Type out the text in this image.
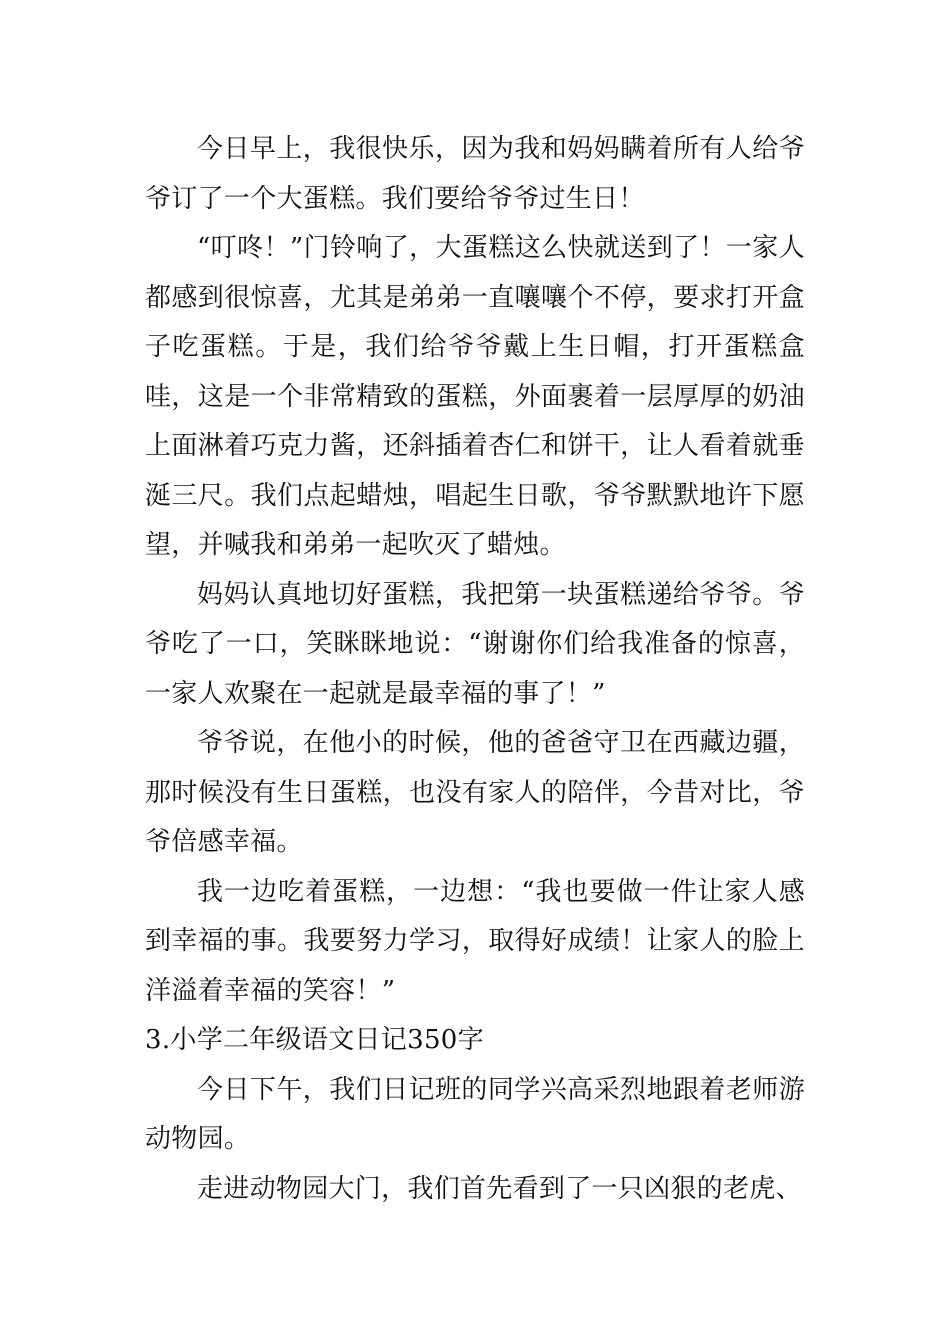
今日早上，我很快乐，因为我和妈妈瞒着所有人给爷爷订了一个大蛋糕。我们要给爷爷过生日！

“叮咚！”门铃响了，大蛋糕这么快就送到了！一家人都感到很惊喜，尤其是弟弟一直嚷嚷个不停，要求打开盒子吃蛋糕。于是，我们给爷爷戴上生日帽，打开蛋糕盒哇，这是一个非常精致的蛋糕，外面裹着一层厚厚的奶油上面淋着巧克力酱，还斜插着杏仁和饼干，让人看着就垂涎三尺。我们点起蜡烛，唱起生日歌，爷爷默默地许下愿望，并喊我和弟弟一起吹灭了蜡烛。

妈妈认真地切好蛋糕，我把第一块蛋糕递给爷爷。爷爷吃了一口，笑眯眯地说：“谢谢你们给我准备的惊喜，一家人欢聚在一起就是最幸福的事了！”

爷爷说，在他小的时候，他的爸爸守卫在西藏边疆，那时候没有生日蛋糕，也没有家人的陪伴，今昔对比，爷爷倍感幸福。

我一边吃着蛋糕，一边想：“我也要做一件让家人感到幸福的事。我要努力学习，取得好成绩！让家人的脸上洋溢着幸福的笑容！”

3.小学二年级语文日记350字

今日下午，我们日记班的同学兴高采烈地跟着老师游动物园。

走进动物园大门，我们首先看到了一只凶狠的老虎、
